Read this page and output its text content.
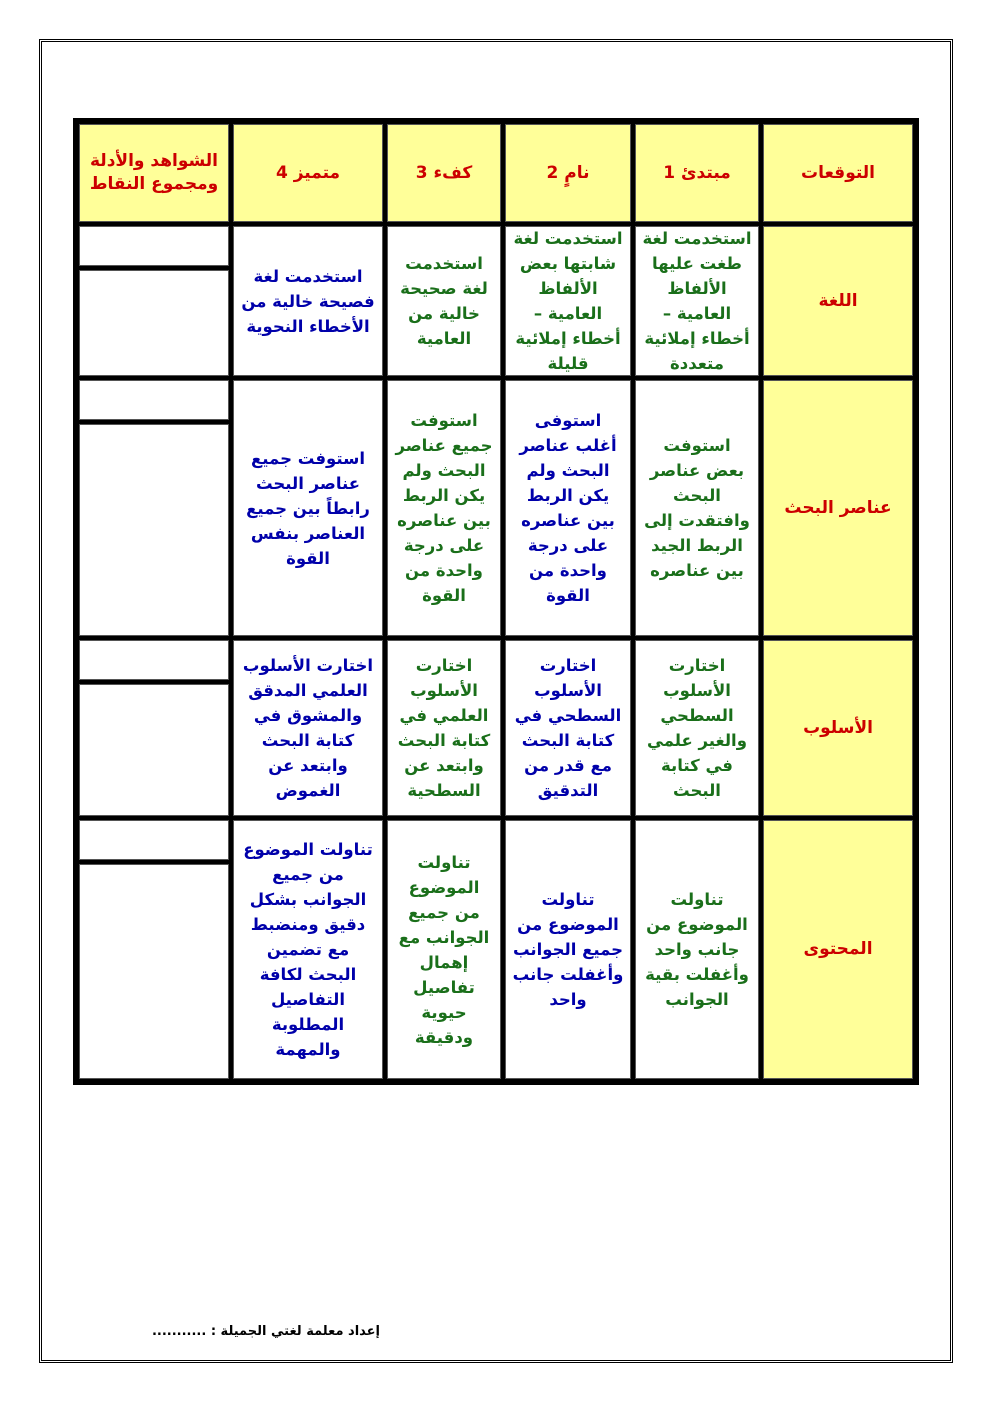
التوقعات
مبتدئ 1
نامٍ 2
كفء 3
متميز 4
الشواهد والأدلة ومجموع النقاط
اللغة
استخدمت لغة طغت عليها الألفاظ العامية – أخطاء إملائية متعددة
استخدمت لغة شابتها بعض الألفاظ العامية – أخطاء إملائية قليلة
استخدمت لغة صحيحة خالية من العامية
استخدمت لغة فصيحة خالية من الأخطاء النحوية
عناصر البحث
استوفت بعض عناصر البحث وافتقدت إلى الربط الجيد بين عناصره
استوفى أغلب عناصر البحث ولم يكن الربط بين عناصره على درجة واحدة من القوة
استوفت جميع عناصر البحث ولم يكن الربط بين عناصره على درجة واحدة من القوة
استوفت جميع عناصر البحث رابطاً بين جميع العناصر بنفس القوة
الأسلوب
اختارت الأسلوب السطحي والغير علمي في كتابة البحث
اختارت الأسلوب السطحي في كتابة البحث مع قدر من التدقيق
اختارت الأسلوب العلمي في كتابة البحث وابتعد عن السطحية
اختارت الأسلوب العلمي المدقق والمشوق في كتابة البحث وابتعد عن الغموض
المحتوى
تناولت الموضوع من جانب واحد وأغفلت بقية الجوانب
تناولت الموضوع من جميع الجوانب وأغفلت جانب واحد
تناولت الموضوع من جميع الجوانب مع إهمال تفاصيل حيوية ودقيقة
تناولت الموضوع من جميع الجوانب بشكل دقيق ومنضبط مع تضمين البحث لكافة التفاصيل المطلوبة والمهمة
إعداد معلمة لغتي الجميلة : ...........
